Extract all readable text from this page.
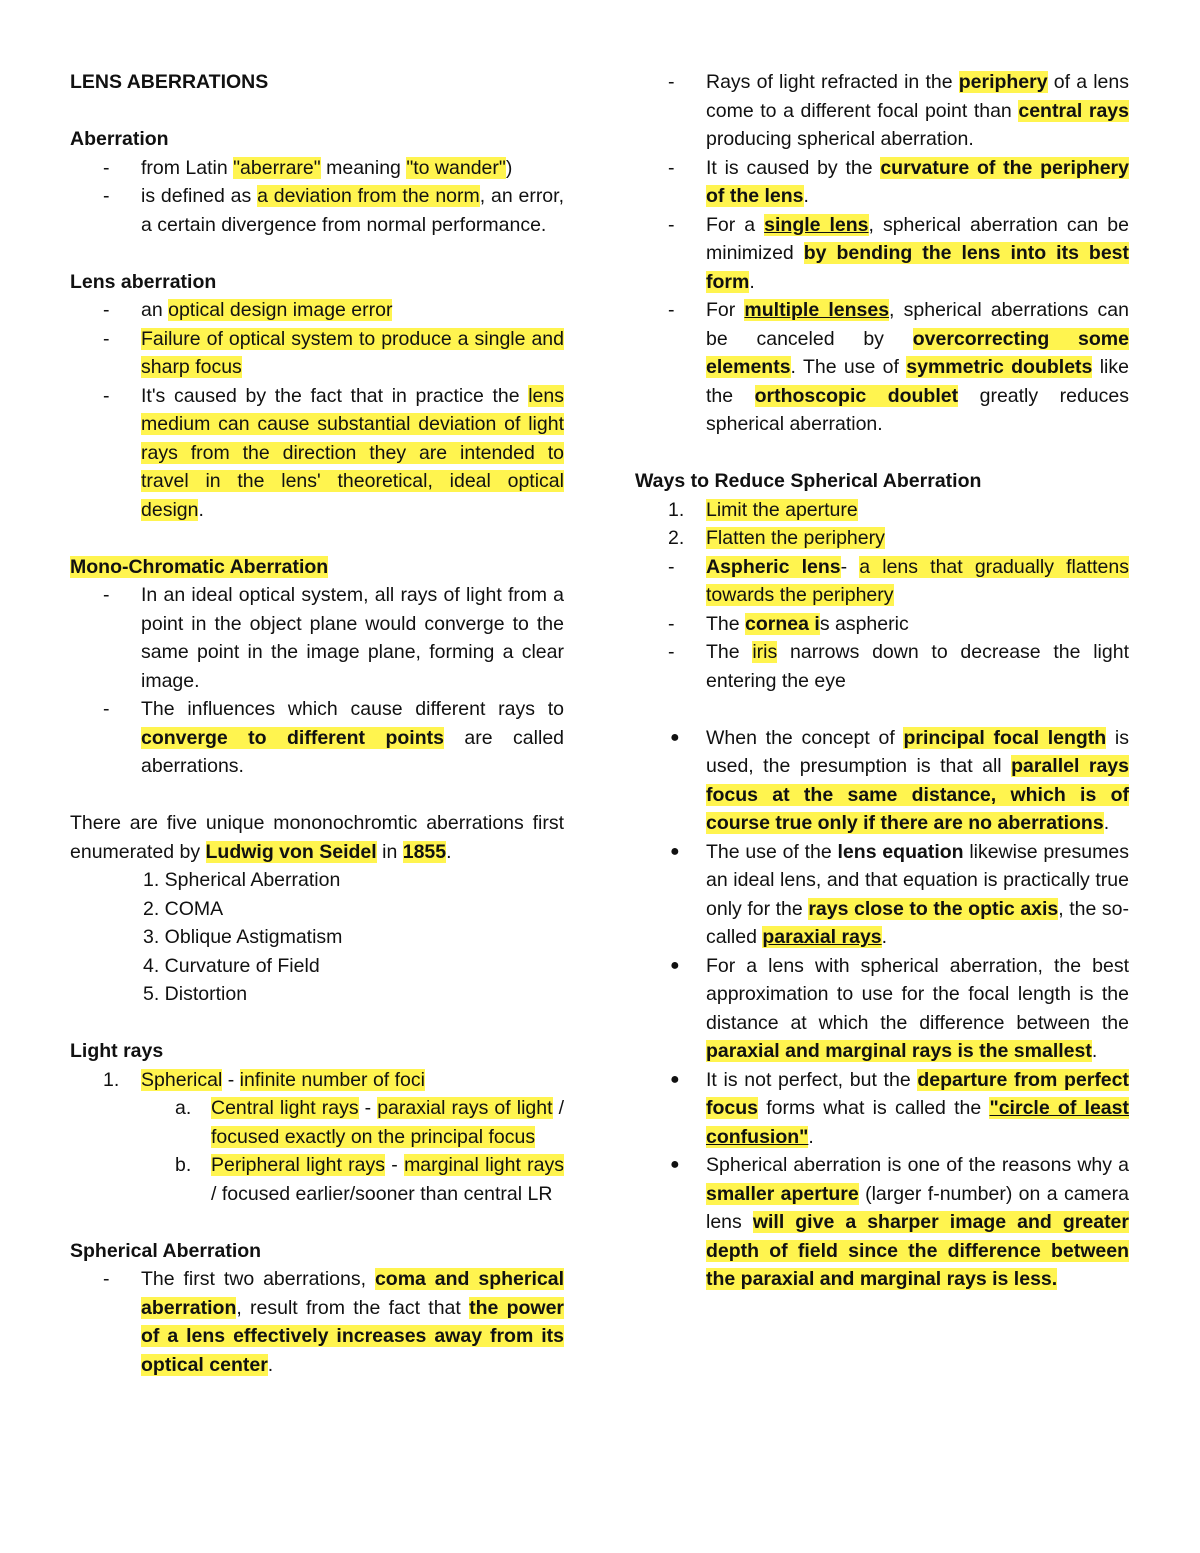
LENS ABERRATIONS

Aberration

- from Latin "aberrare" meaning "to wander")

- is defined as a deviation from the norm, an error, a certain divergence from normal performance.

Lens aberration

- an optical design image error

- Failure of optical system to produce a single and sharp focus

- It's caused by the fact that in practice the lens medium can cause substantial deviation of light rays from the direction they are intended to travel in the lens' theoretical, ideal optical design.

Mono-Chromatic Aberration

- In an ideal optical system, all rays of light from a point in the object plane would converge to the same point in the image plane, forming a clear image.

- The influences which cause different rays to converge to different points are called aberrations.

There are five unique mononochromtic aberrations first enumerated by Ludwig von Seidel in 1855.

1. Spherical Aberration
2. COMA
3. Oblique Astigmatism
4. Curvature of Field
5. Distortion

Light rays

1. Spherical - infinite number of foci

a. Central light rays - paraxial rays of light / focused exactly on the principal focus

b. Peripheral light rays - marginal light rays / focused earlier/sooner than central LR

Spherical Aberration

- The first two aberrations, coma and spherical aberration, result from the fact that the power of a lens effectively increases away from its optical center.

- Rays of light refracted in the periphery of a lens come to a different focal point than central rays producing spherical aberration.

- It is caused by the curvature of the periphery of the lens.

- For a single lens, spherical aberration can be minimized by bending the lens into its best form.

- For multiple lenses, spherical aberrations can be canceled by overcorrecting some elements. The use of symmetric doublets like the orthoscopic doublet greatly reduces spherical aberration.

Ways to Reduce Spherical Aberration

1. Limit the aperture

2. Flatten the periphery

- Aspheric lens- a lens that gradually flattens towards the periphery

- The cornea is aspheric

- The iris narrows down to decrease the light entering the eye

● When the concept of principal focal length is used, the presumption is that all parallel rays focus at the same distance, which is of course true only if there are no aberrations.

● The use of the lens equation likewise presumes an ideal lens, and that equation is practically true only for the rays close to the optic axis, the so-called paraxial rays.

● For a lens with spherical aberration, the best approximation to use for the focal length is the distance at which the difference between the paraxial and marginal rays is the smallest.

● It is not perfect, but the departure from perfect focus forms what is called the "circle of least confusion".

● Spherical aberration is one of the reasons why a smaller aperture (larger f-number) on a camera lens will give a sharper image and greater depth of field since the difference between the paraxial and marginal rays is less.
